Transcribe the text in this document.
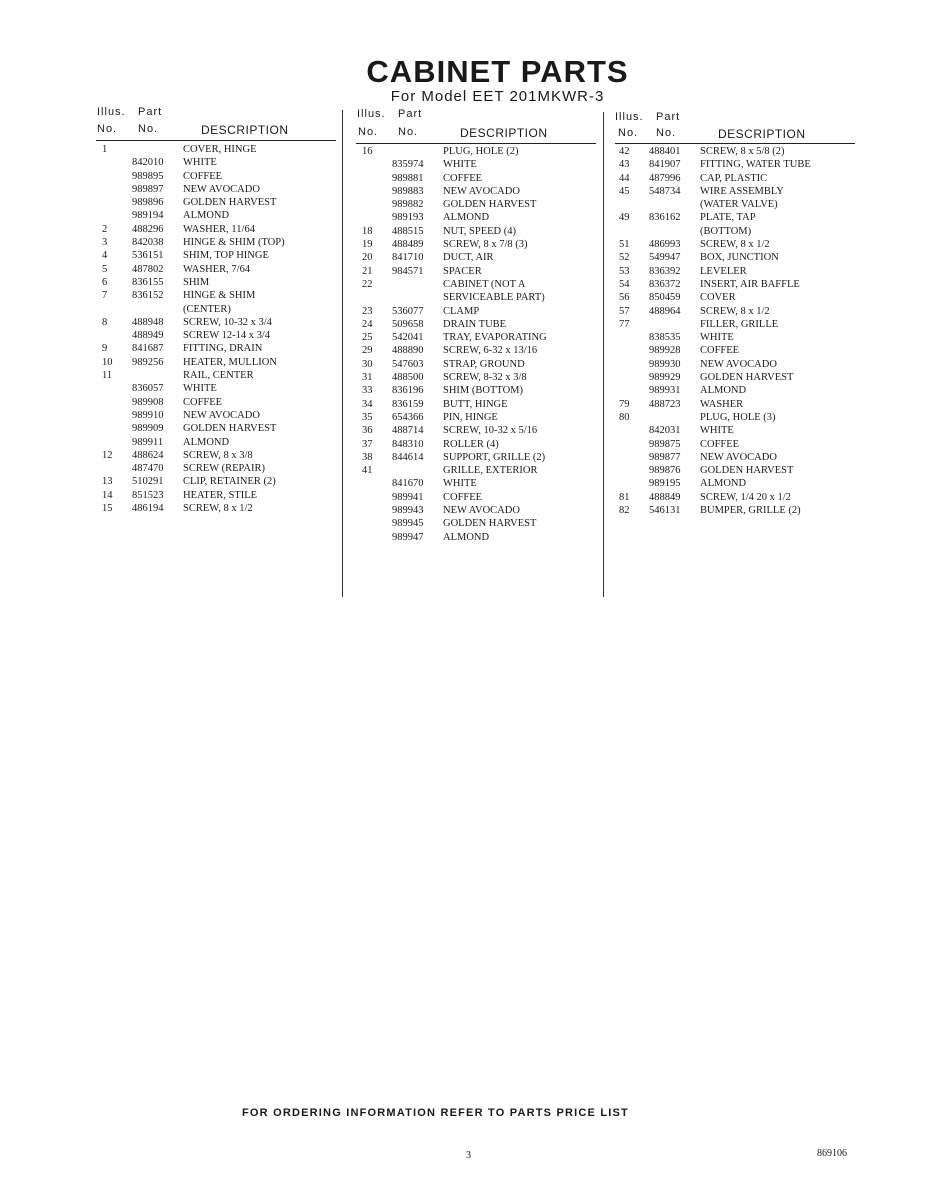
CABINET PARTS
For Model EET 201MKWR-3
Illus. Part
No. No.	DESCRIPTION
1	COVER, HINGE
842010 WHITE
989895 COFFEE
989897 NEW AVOCADO
989896 GOLDEN HARVEST
989194 ALMOND
2 488296 WASHER, 11/64
3 842038 HINGE & SHIM (TOP)
4 536151 SHIM, TOP HINGE
5 487802 WASHER, 7/64
6 836155 SHIM
7 836152 HINGE & SHIM
(CENTER)
8 488948 SCREW, 10-32 x 3/4
488949 SCREW 12-14 x 3/4
9 841687 FITTING, DRAIN
10 989256 HEATER, MULLION
11	RAIL, CENTER
836057 WHITE
989908 COFFEE
989910 NEW AVOCADO
989909 GOLDEN HARVEST
989911 ALMOND
12 488624 SCREW, 8 x 3/8
487470 SCREW (REPAIR)
13 510291 CLIP, RETAINER (2)
14 851523 HEATER, STILE
15 486194 SCREW, 8 x 1/2
Illus. Part
No. No.	DESCRIPTION
16	PLUG, HOLE (2)
835974 WHITE
989881 COFFEE
989883 NEW AVOCADO
989882 GOLDEN HARVEST
989193 ALMOND
18 488515 NUT, SPEED (4)
19 488489 SCREW, 8 x 7/8 (3)
20 841710 DUCT, AIR
21 984571 SPACER
22	CABINET (NOT A
SERVICEABLE PART)
23 536077 CLAMP
24 509658 DRAIN TUBE
25 542041 TRAY, EVAPORATING
29 488890 SCREW, 6-32 x 13/16
30 547603 STRAP, GROUND
31 488500 SCREW, 8-32 x 3/8
33 836196 SHIM (BOTTOM)
34 836159 BUTT, HINGE
35 654366 PIN, HINGE
36 488714 SCREW, 10-32 x 5/16
37 848310 ROLLER (4)
38 844614 SUPPORT, GRILLE (2)
41	GRILLE, EXTERIOR
841670 WHITE
989941 COFFEE
989943 NEW AVOCADO
989945 GOLDEN HARVEST
989947 ALMOND
Illus. Part
No. No.	DESCRIPTION
42 488401 SCREW, 8 x 5/8 (2)
43 841907 FITTING, WATER TUBE
44 487996 CAP, PLASTIC
45 548734 WIRE ASSEMBLY
(WATER VALVE)
49 836162 PLATE, TAP
(BOTTOM)
51 486993 SCREW, 8 x 1/2
52 549947 BOX, JUNCTION
53 836392 LEVELER
54 836372 INSERT, AIR BAFFLE
56 850459 COVER
57 488964 SCREW, 8 x 1/2
77	FILLER, GRILLE
838535 WHITE
989928 COFFEE
989930 NEW AVOCADO
989929 GOLDEN HARVEST
989931 ALMOND
79 488723 WASHER
80	PLUG, HOLE (3)
842031 WHITE
989875 COFFEE
989877 NEW AVOCADO
989876 GOLDEN HARVEST
989195 ALMOND
81 488849 SCREW, 1/4 20 x 1/2
82 546131 BUMPER, GRILLE (2)
FOR ORDERING INFORMATION REFER TO PARTS PRICE LIST
3	869106
